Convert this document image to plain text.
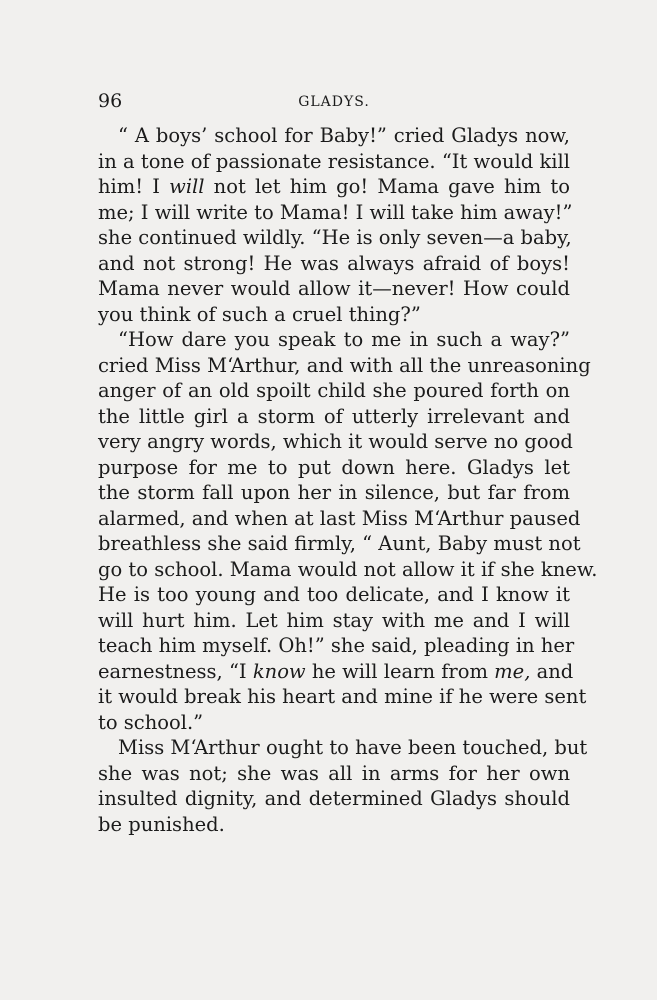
96	GLADYS.
“ A boys’ school for Baby!” cried Gladys now,
in a tone of passionate resistance. “It would kill
him! I will not let him go! Mama gave him to
me; I will write to Mama! I will take him away!”
she continued wildly. “He is only seven—a baby,
and not strong! He was always afraid of boys!
Mama never would allow it—never! How could
you think of such a cruel thing?”
“How dare you speak to me in such a way?”
cried Miss M‘Arthur, and with all the unreasoning
anger of an old spoilt child she poured forth on
the little girl a storm of utterly irrelevant and
very angry words, which it would serve no good
purpose for me to put down here. Gladys let
the storm fall upon her in silence, but far from
alarmed, and when at last Miss M‘Arthur paused
breathless she said firmly, “ Aunt, Baby must not
go to school. Mama would not allow it if she knew.
He is too young and too delicate, and I know it
will hurt him. Let him stay with me and I will
teach him myself. Oh!” she said, pleading in her
earnestness, “I know he will learn from me, and
it would break his heart and mine if he were sent
to school.”
Miss M‘Arthur ought to have been touched, but
she was not; she was all in arms for her own
insulted dignity, and determined Gladys should
be punished.
